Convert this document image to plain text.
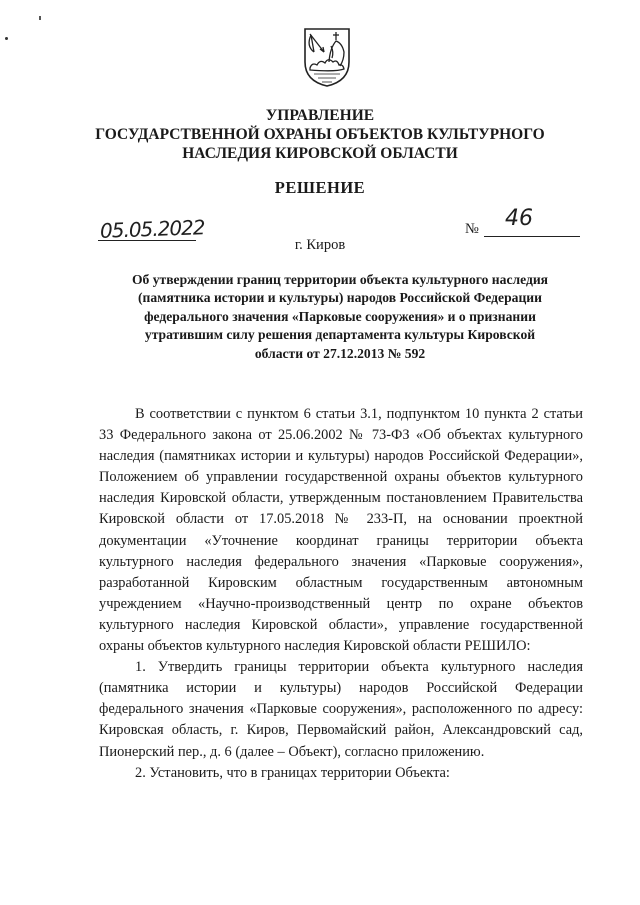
УПРАВЛЕНИЕ
ГОСУДАРСТВЕННОЙ ОХРАНЫ ОБЪЕКТОВ КУЛЬТУРНОГО
НАСЛЕДИЯ КИРОВСКОЙ ОБЛАСТИ
РЕШЕНИЕ
05.05.2022	№ 46
г. Киров
Об утверждении границ территории объекта культурного наследия
(памятника истории и культуры) народов Российской Федерации
федерального значения «Парковые сооружения» и о признании
утратившим силу решения департамента культуры Кировской
области от 27.12.2013 № 592

В соответствии с пунктом 6 статьи 3.1, подпунктом 10 пункта 2 статьи 33 Федерального закона от 25.06.2002 № 73-ФЗ «Об объектах культурного наследия (памятниках истории и культуры) народов Российской Федерации», Положением об управлении государственной охраны объектов культурного наследия Кировской области, утвержденным постановлением Правительства Кировской области от 17.05.2018 № 233-П, на основании проектной документации «Уточнение координат границы территории объекта культурного наследия федерального значения «Парковые сооружения», разработанной Кировским областным государственным автономным учреждением «Научно-производственный центр по охране объектов культурного наследия Кировской области», управление государственной охраны объектов культурного наследия Кировской области РЕШИЛО:

1. Утвердить границы территории объекта культурного наследия (памятника истории и культуры) народов Российской Федерации федерального значения «Парковые сооружения», расположенного по адресу: Кировская область, г. Киров, Первомайский район, Александровский сад, Пионерский пер., д. 6 (далее – Объект), согласно приложению.

2. Установить, что в границах территории Объекта:
